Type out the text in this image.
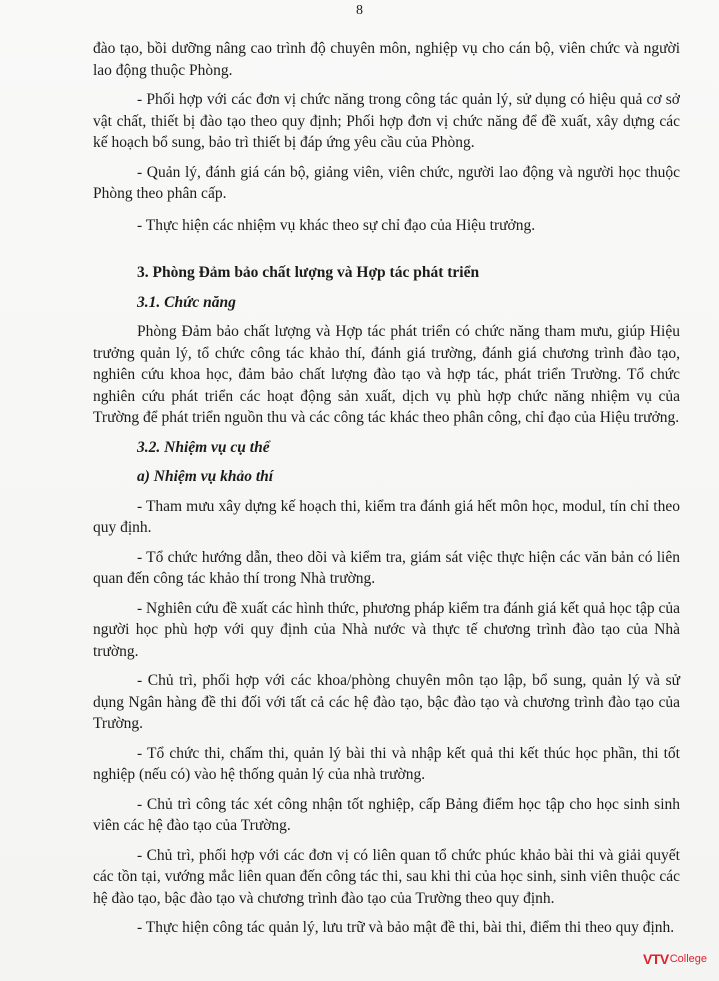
8

đào tạo, bồi dưỡng nâng cao trình độ chuyên môn, nghiệp vụ cho cán bộ, viên chức và người lao động thuộc Phòng.

- Phối hợp với các đơn vị chức năng trong công tác quản lý, sử dụng có hiệu quả cơ sở vật chất, thiết bị đào tạo theo quy định; Phối hợp đơn vị chức năng để đề xuất, xây dựng các kế hoạch bổ sung, bảo trì thiết bị đáp ứng yêu cầu của Phòng.

- Quản lý, đánh giá cán bộ, giảng viên, viên chức, người lao động và người học thuộc Phòng theo phân cấp.

- Thực hiện các nhiệm vụ khác theo sự chỉ đạo của Hiệu trưởng.

3. Phòng Đảm bảo chất lượng và Hợp tác phát triển

3.1. Chức năng

Phòng Đảm bảo chất lượng và Hợp tác phát triển có chức năng tham mưu, giúp Hiệu trưởng quản lý, tổ chức công tác khảo thí, đánh giá trường, đánh giá chương trình đào tạo, nghiên cứu khoa học, đảm bảo chất lượng đào tạo và hợp tác, phát triển Trường. Tổ chức nghiên cứu phát triển các hoạt động sản xuất, dịch vụ phù hợp chức năng nhiệm vụ của Trường để phát triển nguồn thu và các công tác khác theo phân công, chỉ đạo của Hiệu trưởng.

3.2. Nhiệm vụ cụ thể

a) Nhiệm vụ khảo thí

- Tham mưu xây dựng kế hoạch thi, kiểm tra đánh giá hết môn học, modul, tín chỉ theo quy định.

- Tổ chức hướng dẫn, theo dõi và kiểm tra, giám sát việc thực hiện các văn bản có liên quan đến công tác khảo thí trong Nhà trường.

- Nghiên cứu đề xuất các hình thức, phương pháp kiểm tra đánh giá kết quả học tập của người học phù hợp với quy định của Nhà nước và thực tế chương trình đào tạo của Nhà trường.

- Chủ trì, phối hợp với các khoa/phòng chuyên môn tạo lập, bổ sung, quản lý và sử dụng Ngân hàng đề thi đối với tất cả các hệ đào tạo, bậc đào tạo và chương trình đào tạo của Trường.

- Tổ chức thi, chấm thi, quản lý bài thi và nhập kết quả thi kết thúc học phần, thi tốt nghiệp (nếu có) vào hệ thống quản lý của nhà trường.

- Chủ trì công tác xét công nhận tốt nghiệp, cấp Bảng điểm học tập cho học sinh sinh viên các hệ đào tạo của Trường.

- Chủ trì, phối hợp với các đơn vị có liên quan tổ chức phúc khảo bài thi và giải quyết các tồn tại, vướng mắc liên quan đến công tác thi, sau khi thi của học sinh, sinh viên thuộc các hệ đào tạo, bậc đào tạo và chương trình đào tạo của Trường theo quy định.

- Thực hiện công tác quản lý, lưu trữ và bảo mật đề thi, bài thi, điểm thi theo quy định.

VTV College
